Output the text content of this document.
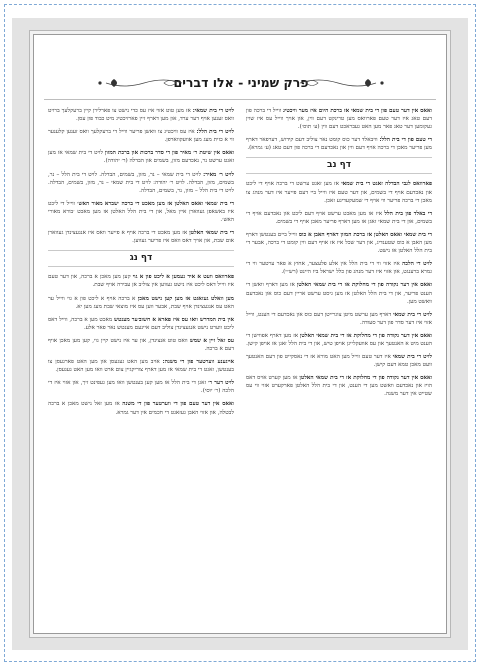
פרק שמיני - אלו דברים

ואאס אין דער טעם פון די בית שמאי אז ברכת היום איז מער וויכטיג ווייל די ברכה פון דעם טאג איז דער טעם פארוואס מען טרינקט דעם ווין, און אויך ווייל עס איז שוין געקומען דער טאג פאר מען האט געבראכט דעם ווין (ע׳ תוס׳).

די טעם פון די בית הלל: וויבאלד דער כוס קומט נאר צוליב דעם קידוש, דערפאר דארף מען פריער מאכן די ברכה אויף דעם ווין און נאכדעם די ברכה פון דעם טאג (ע׳ גמרא).

דף נב

פארוואס לגבי הבדלה זאגט די בית שמאי אז מען זאגט ערשט די ברכה אויף די ליכט און נאכדעם אויף די בשמים, און דער טעם איז ווייל ביי דעם פייער איז דער מנהג צו מאכן די ברכה פריער ווי אויף די שמעקעדיגע זאכן.

די באלד פון בית הלל איז אז מען מאכט ערשט אויף דעם ליכט און נאכדעם אויף די בשמים, און די בית שמאי זאגן אז מען דארף פריער מאכן אויף די בשמים.

די בית שמאי ואאס האלטן אז ברכת המזון דארף האבן א כוס ווייל ביים בענטשן דארף מען האבן א כוס שטענדיג, און דער שכל איז אז אויף דעם ווין קומט די ברכה, אבער די בית הלל האלטן אז נישט.

לויט די הלכה איז אזוי ווי די בית הלל אין אלע פלעצער, אחוץ א פאר ערטער ווי די גמרא ברענגט, און אזוי איז דער מנהג פון כלל ישראל ביז היינט (רש״י).

ואאס אין דער נקודה פון די מחלוקת אז די בית שמאי האלטן אז מען דארף וואשן די הענט פריער, און די בית הלל האלטן אז מען גיסט ערשט אריין דעם כוס און נאכדעם וואשט מען.

לויט די בית שמאי דארף מען ערשט מיטן צוגרייטן דעם כוס און נאכדעם די הענט, ווייל אזוי איז דער סדר פון דער סעודה.

ואאס אין דער נקודה פון די מחלוקת אז די בית שמאי האלטן אז מען דארף אפווישן די הענט מיט א האנטעך און עס אוועקלייגן אויפן טיש, און די בית הלל זאגן אז אויפן קישן.

לויט די בית שמאי איז דער טעם ווייל מען האט מורא אז די נאסקייט פון דעם האנטעך וועט מאכן טמא דעם קישן.

ואאס אין דער נקודה פון די מחלוקת אז די בית שמאי האלטן אז מען קערט אויס דאס הויז און נאכדעם וואשט מען די הענט, און די בית הלל האלטן פארקערט אזוי ווי עס שטייט אין דער משנה.

לויט די בית שמאי: אז מען טוט אזוי איז עס כדי נישט צו פארלירן קיין ברעקלעך ברויט וואס זענען אויף דער ערד, און מען דארף זיין פארזיכטיג מיט כבוד פון עסן.

לויט די בית הלל: איז עס וויכטיג צו וואשן פריער ווייל די ברעקלעך וואס זענען קלענער ווי א כזית מעג מען אוועקווארפן.

ואאס אין שיטת ר׳ מאיר פון די סדר ברכות און ברכת המזון לויט די בית שמאי אז מען זאגט ערשט נר, נאכדעם מזון, בשמים און הבדלה (ר׳ יהודה).

לויט ר׳ מאיר: לויט די בית שמאי – נר, מזון, בשמים, הבדלה. לויט די בית הלל – נר, בשמים, מזון, הבדלה. לויט ר׳ יהודה: לויט די בית שמאי – נר, מזון, בשמים, הבדלה. לויט די בית הלל – מזון, נר, בשמים, הבדלה.

די בית שמאי ואאס האלטן אז מען מאכט די ברכה ׳שברא מאור האש׳ ווייל די ליכט איז באשאפן געווארן איין מאל, און די בית הלל האלטן אז מען מאכט ׳בורא מאורי האש׳.

די בית שמאי האלטן אז מען מאכט די ברכה אויף א פייער וואס איז אנגעצינדן געווארן אום שבת, און אויך דאס וואס איז פריער געווען.

דף נג

פארוואס וועט א איד נעמען א ליכט פון א גוי קען מען מאכן א ברכה, און דער טעם איז ווייל דאס ליכט איז נישט געווען אין צוליב אן עבירה אויף שבת.

מען וואלט געזאגט אז מען קען נישט מאכן א ברכה אויף א ליכט פון א גוי ווייל ער האט עס אנגעצינדן אויף שבת, אבער ווען עס איז מוצאי שבת מעג מען יא.

אין בית המדרש וואו עס איז פארא א חשוב׳ער מענטש מאכט מען א ברכה, ווייל דאס ליכט ווערט נישט אנגעצינדן צוליב דעם איינעם מענטש נאר פאר אלע.

עס זאל זיין א שמש וואס טוט אנצינדן, און ער איז נישט קיין גוי, קען מען מאכן אויף דעם א ברכה.

אייגענע ווערטער פון די משנה: אויב מען האט געגעסן און מען האט פארגעסן צו בענטשן, זאגט די בית שמאי אז מען דארף צוריקגיין צום ארט וואו מען האט געגעסן.

לויט דער ר׳ זאגן די בית הלל אז מען קען בענטשן וואו מען געפינט זיך, און אזוי איז די הלכה (ר׳ יוסי).

ואאס אין דער טעם פון די ווערטער פון די משנה אז מען זאל נישט מאכן א ברכה לבטלה, און אזוי האבן געזאגט די חכמים אין דער גמרא.
